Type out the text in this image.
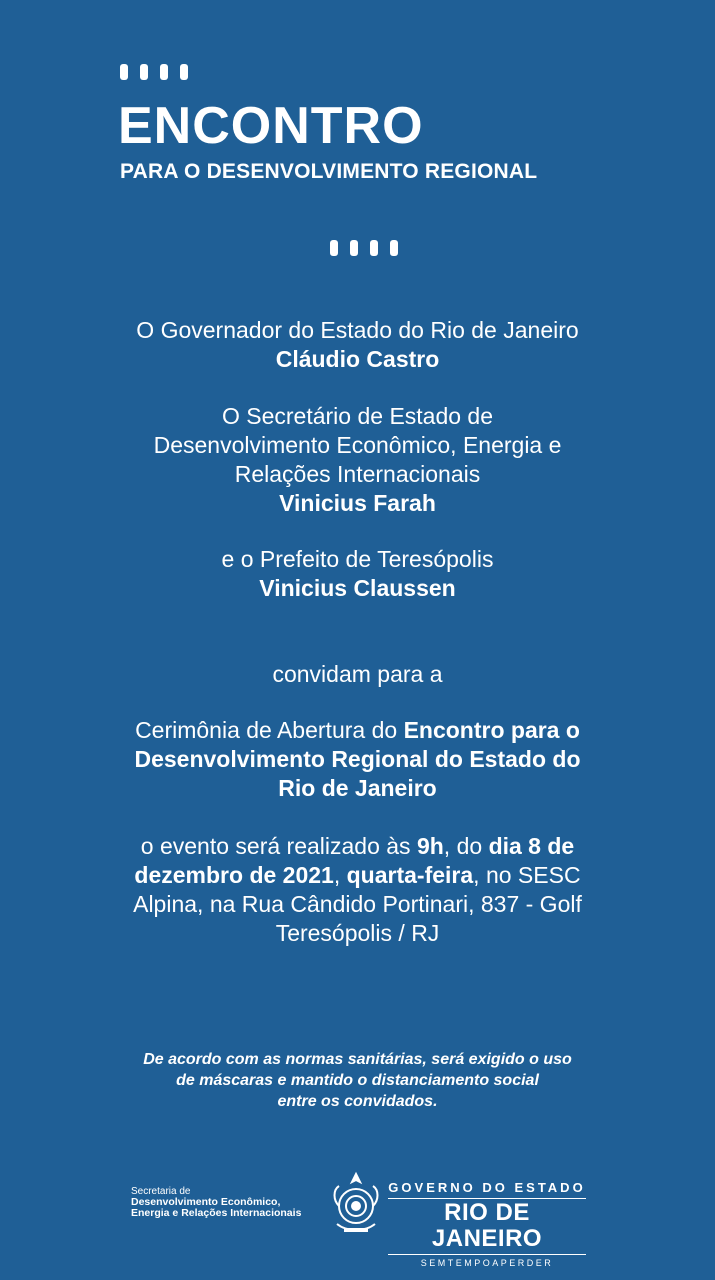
ENCONTRO
PARA O DESENVOLVIMENTO REGIONAL
O Governador do Estado do Rio de Janeiro
Cláudio Castro
O Secretário de Estado de
Desenvolvimento Econômico, Energia e
Relações Internacionais
Vinicius Farah
e o Prefeito de Teresópolis
Vinicius Claussen
convidam para a
Cerimônia de Abertura do Encontro para o
Desenvolvimento Regional do Estado do
Rio de Janeiro
o evento será realizado às 9h, do dia 8 de
dezembro de 2021, quarta-feira, no SESC
Alpina, na Rua Cândido Portinari, 837 - Golf
Teresópolis / RJ
De acordo com as normas sanitárias, será exigido o uso
de máscaras e mantido o distanciamento social
entre os convidados.
Secretaria de
Desenvolvimento Econômico,
Energia e Relações Internacionais
GOVERNO DO ESTADO
RIO DE JANEIRO
SEMTEMPOAPERDER
